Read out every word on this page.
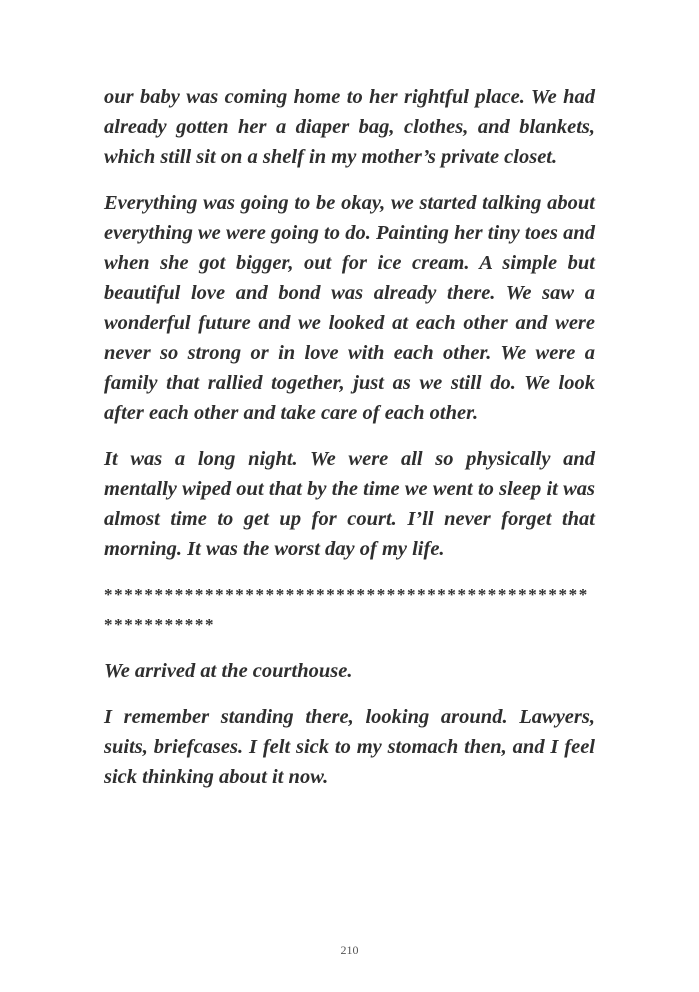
our baby was coming home to her rightful place. We had already gotten her a diaper bag, clothes, and blankets, which still sit on a shelf in my mother’s private closet.

Everything was going to be okay, we started talking about everything we were going to do. Painting her tiny toes and when she got bigger, out for ice cream. A simple but beautiful love and bond was already there. We saw a wonderful future and we looked at each other and were never so strong or in love with each other. We were a family that rallied together, just as we still do. We look after each other and take care of each other.

It was a long night. We were all so physically and mentally wiped out that by the time we went to sleep it was almost time to get up for court. I’ll never forget that morning. It was the worst day of my life.

***********************************************************

We arrived at the courthouse.

I remember standing there, looking around. Lawyers, suits, briefcases. I felt sick to my stomach then, and I feel sick thinking about it now.

210
